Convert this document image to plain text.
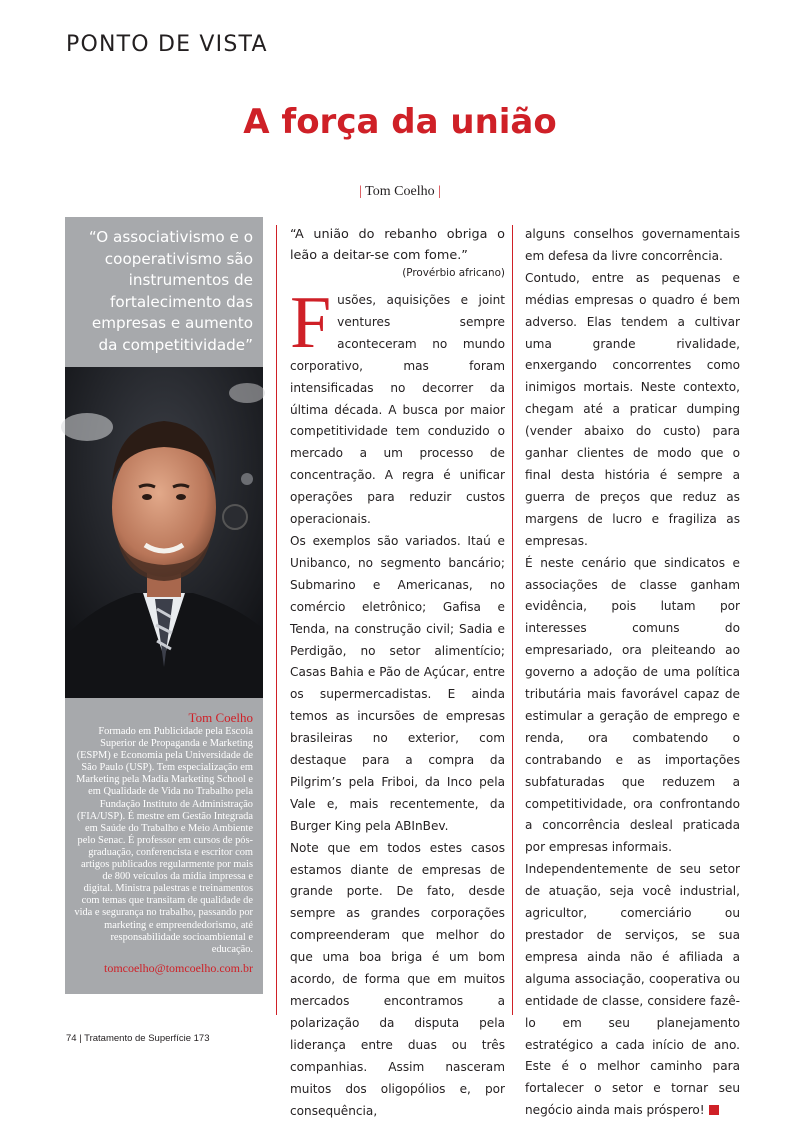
PONTO DE VISTA
A força da união
| Tom Coelho |
“O associativismo e o cooperativismo são instrumentos de fortalecimento das empresas e aumento da competitividade”
Tom Coelho
Formado em Publicidade pela Escola Superior de Propaganda e Marketing (ESPM) e Economia pela Universidade de São Paulo (USP). Tem especialização em Marketing pela Madia Marketing School e em Qualidade de Vida no Trabalho pela Fundação Instituto de Administração (FIA/USP). É mestre em Gestão Integrada em Saúde do Trabalho e Meio Ambiente pelo Senac. É professor em cursos de pós-graduação, conferencista e escritor com artigos publicados regularmente por mais de 800 veículos da mídia impressa e digital. Ministra palestras e treinamentos com temas que transitam de qualidade de vida e segurança no trabalho, passando por marketing e empreendedorismo, até responsabilidade socioambiental e educação.
tomcoelho@tomcoelho.com.br

“A união do rebanho obriga o leão a deitar-se com fome.”

(Provérbio africano)

Fusões, aquisições e joint ventures sempre aconteceram no mundo corporativo, mas foram intensificadas no decorrer da última década. A busca por maior competitividade tem conduzido o mercado a um processo de concentração. A regra é unificar operações para reduzir custos operacionais.

Os exemplos são variados. Itaú e Unibanco, no segmento bancário; Submarino e Americanas, no comércio eletrônico; Gafisa e Tenda, na construção civil; Sadia e Perdigão, no setor alimentício; Casas Bahia e Pão de Açúcar, entre os supermercadistas. E ainda temos as incursões de empresas brasileiras no exterior, com destaque para a compra da Pilgrim’s pela Friboi, da Inco pela Vale e, mais recentemente, da Burger King pela ABInBev.

Note que em todos estes casos estamos diante de empresas de grande porte. De fato, desde sempre as grandes corporações compreenderam que melhor do que uma boa briga é um bom acordo, de forma que em muitos mercados encontramos a polarização da disputa pela liderança entre duas ou três companhias. Assim nasceram muitos dos oligopólios e, por consequência,

alguns conselhos governamentais em defesa da livre concorrência.

Contudo, entre as pequenas e médias empresas o quadro é bem adverso. Elas tendem a cultivar uma grande rivalidade, enxergando concorrentes como inimigos mortais. Neste contexto, chegam até a praticar dumping (vender abaixo do custo) para ganhar clientes de modo que o final desta história é sempre a guerra de preços que reduz as margens de lucro e fragiliza as empresas.

É neste cenário que sindicatos e associações de classe ganham evidência, pois lutam por interesses comuns do empresariado, ora pleiteando ao governo a adoção de uma política tributária mais favorável capaz de estimular a geração de emprego e renda, ora combatendo o contrabando e as importações subfaturadas que reduzem a competitividade, ora confrontando a concorrência desleal praticada por empresas informais.

Independentemente de seu setor de atuação, seja você industrial, agricultor, comerciário ou prestador de serviços, se sua empresa ainda não é afiliada a alguma associação, cooperativa ou entidade de classe, considere fazê-lo em seu planejamento estratégico a cada início de ano. Este é o melhor caminho para fortalecer o setor e tornar seu negócio ainda mais próspero!

74 | Tratamento de Superfície 173
